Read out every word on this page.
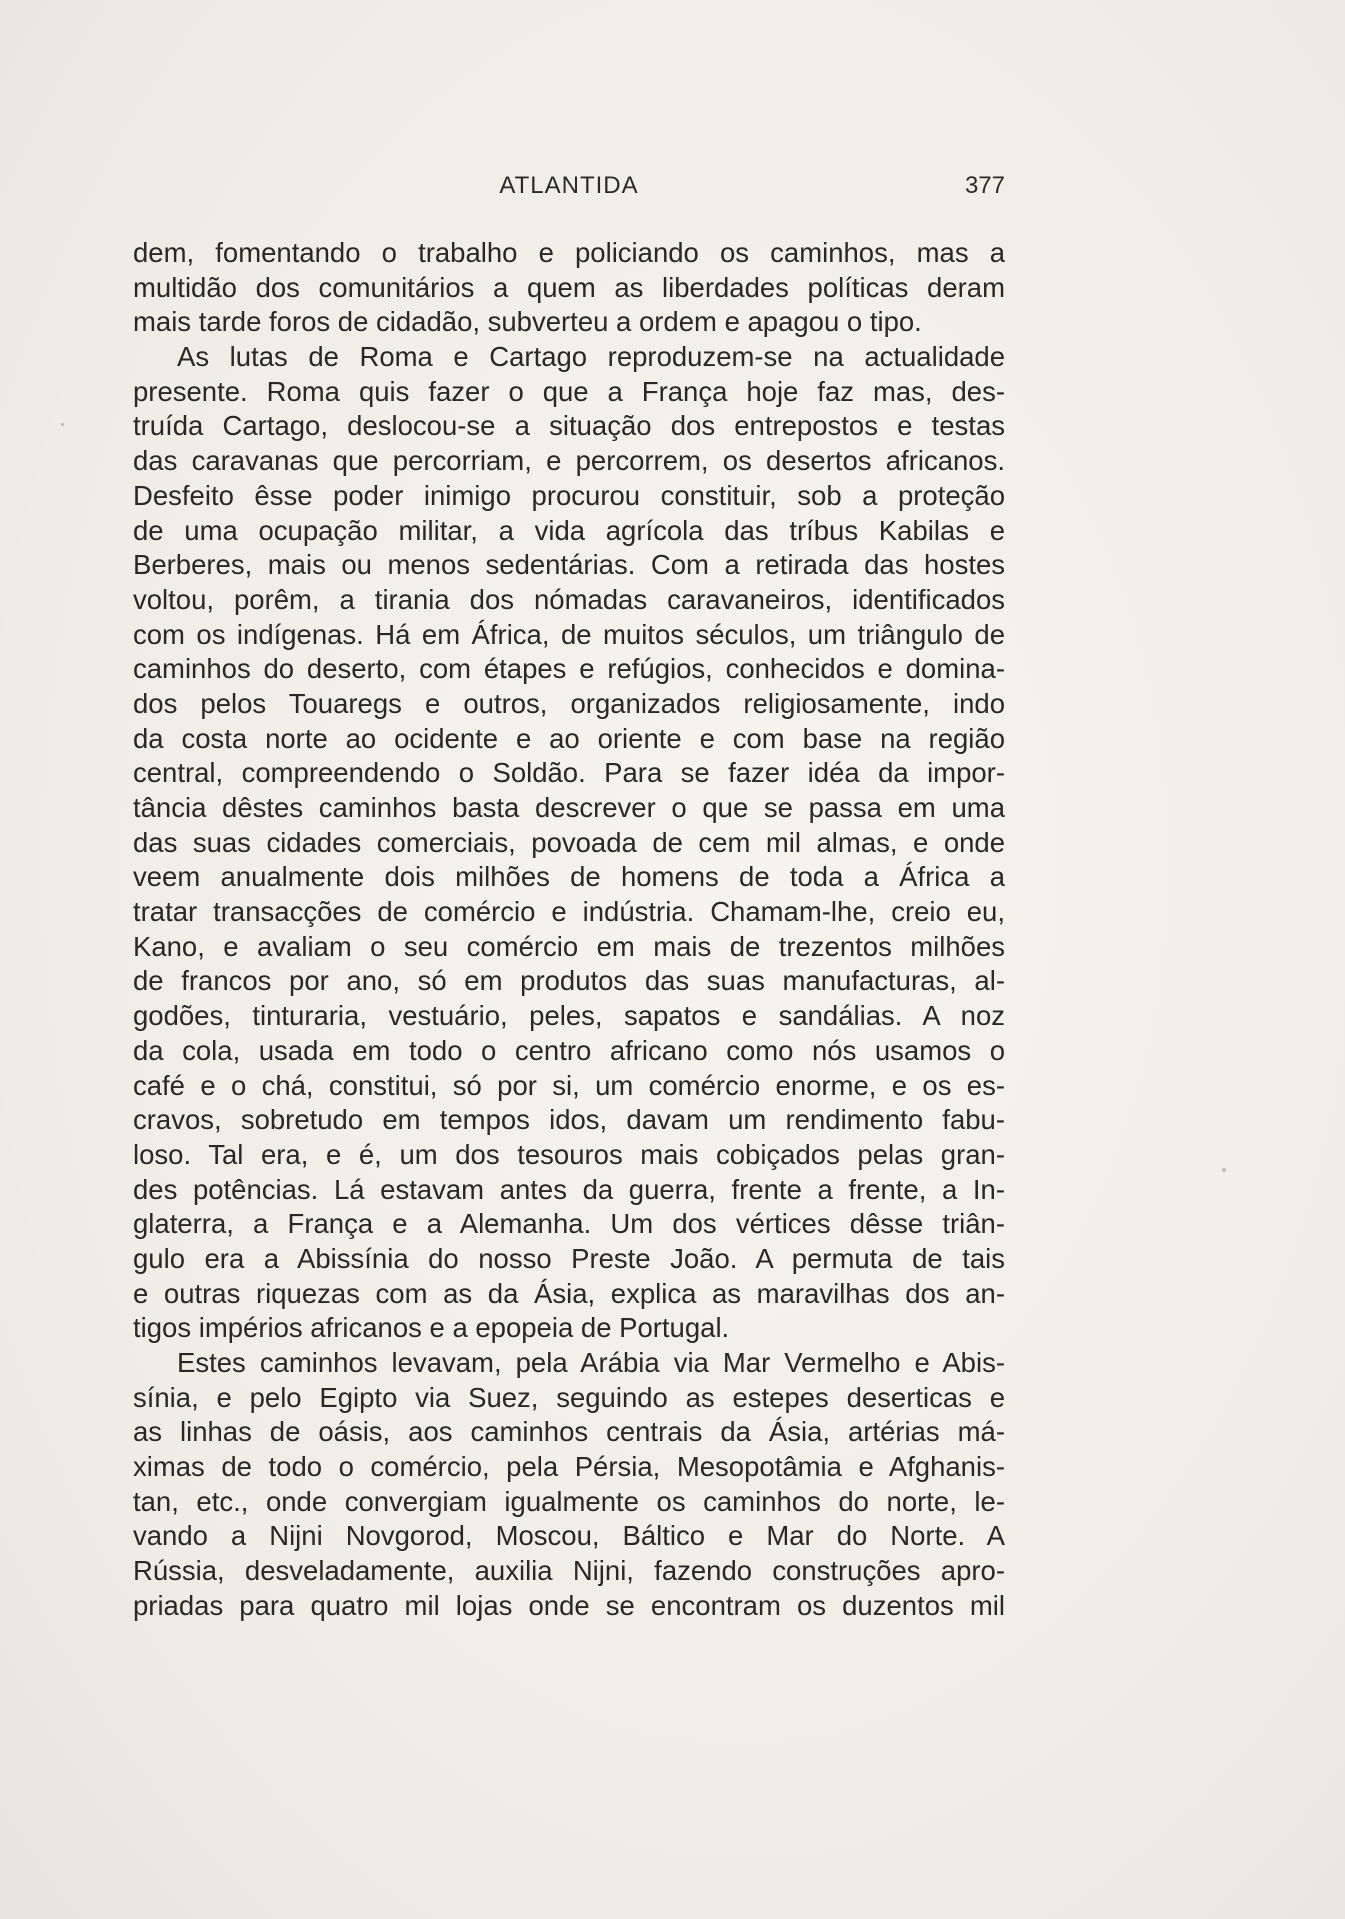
ATLANTIDA	377
dem, fomentando o trabalho e policiando os caminhos, mas a
multidão dos comunitários a quem as liberdades políticas deram
mais tarde foros de cidadão, subverteu a ordem e apagou o tipo.
As lutas de Roma e Cartago reproduzem-se na actualidade
presente. Roma quis fazer o que a França hoje faz mas, des-
truída Cartago, deslocou-se a situação dos entrepostos e testas
das caravanas que percorriam, e percorrem, os desertos africanos.
Desfeito êsse poder inimigo procurou constituir, sob a proteção
de uma ocupação militar, a vida agrícola das tríbus Kabilas e
Berberes, mais ou menos sedentárias. Com a retirada das hostes
voltou, porêm, a tirania dos nómadas caravaneiros, identificados
com os indígenas. Há em África, de muitos séculos, um triângulo de
caminhos do deserto, com étapes e refúgios, conhecidos e domina-
dos pelos Touaregs e outros, organizados religiosamente, indo
da costa norte ao ocidente e ao oriente e com base na região
central, compreendendo o Soldão. Para se fazer idéa da impor-
tância dêstes caminhos basta descrever o que se passa em uma
das suas cidades comerciais, povoada de cem mil almas, e onde
veem anualmente dois milhões de homens de toda a África a
tratar transacções de comércio e indústria. Chamam-lhe, creio eu,
Kano, e avaliam o seu comércio em mais de trezentos milhões
de francos por ano, só em produtos das suas manufacturas, al-
godões, tinturaria, vestuário, peles, sapatos e sandálias. A noz
da cola, usada em todo o centro africano como nós usamos o
café e o chá, constitui, só por si, um comércio enorme, e os es-
cravos, sobretudo em tempos idos, davam um rendimento fabu-
loso. Tal era, e é, um dos tesouros mais cobiçados pelas gran-
des potências. Lá estavam antes da guerra, frente a frente, a In-
glaterra, a França e a Alemanha. Um dos vértices dêsse triân-
gulo era a Abissínia do nosso Preste João. A permuta de tais
e outras riquezas com as da Ásia, explica as maravilhas dos an-
tigos impérios africanos e a epopeia de Portugal.
Estes caminhos levavam, pela Arábia via Mar Vermelho e Abis-
sínia, e pelo Egipto via Suez, seguindo as estepes deserticas e
as linhas de oásis, aos caminhos centrais da Ásia, artérias má-
ximas de todo o comércio, pela Pérsia, Mesopotâmia e Afghanis-
tan, etc., onde convergiam igualmente os caminhos do norte, le-
vando a Nijni Novgorod, Moscou, Báltico e Mar do Norte. A
Rússia, desveladamente, auxilia Nijni, fazendo construções apro-
priadas para quatro mil lojas onde se encontram os duzentos mil
